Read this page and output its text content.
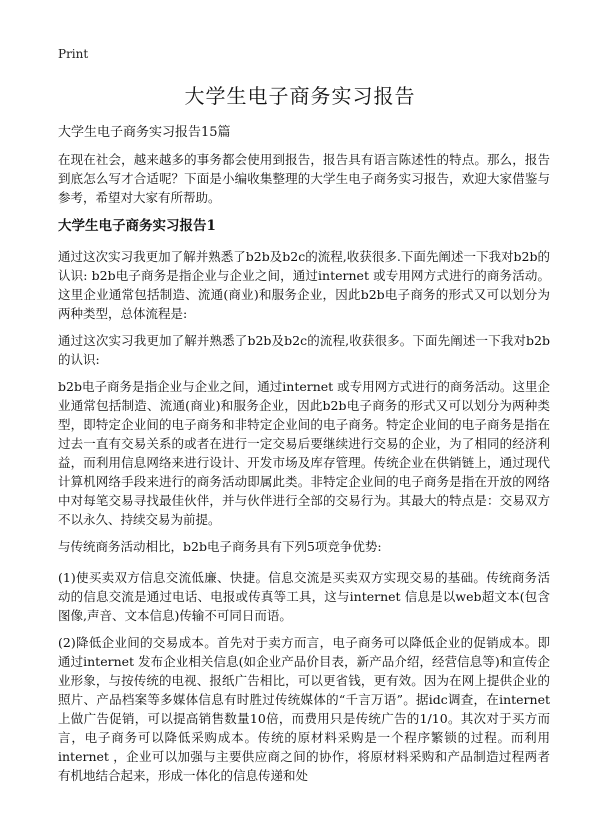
Print
大学生电子商务实习报告
大学生电子商务实习报告15篇

在现在社会，越来越多的事务都会使用到报告，报告具有语言陈述性的特点。那么，报告到底怎么写才合适呢？下面是小编收集整理的大学生电子商务实习报告，欢迎大家借鉴与参考，希望对大家有所帮助。

大学生电子商务实习报告1

通过这次实习我更加了解并熟悉了b2b及b2c的流程,收获很多.下面先阐述一下我对b2b的认识: b2b电子商务是指企业与企业之间，通过internet 或专用网方式进行的商务活动。这里企业通常包括制造、流通(商业)和服务企业，因此b2b电子商务的形式又可以划分为两种类型，总体流程是:

通过这次实习我更加了解并熟悉了b2b及b2c的流程,收获很多。下面先阐述一下我对b2b的认识:

b2b电子商务是指企业与企业之间，通过internet 或专用网方式进行的商务活动。这里企业通常包括制造、流通(商业)和服务企业，因此b2b电子商务的形式又可以划分为两种类型，即特定企业间的电子商务和非特定企业间的电子商务。特定企业间的电子商务是指在过去一直有交易关系的或者在进行一定交易后要继续进行交易的企业，为了相同的经济利益，而利用信息网络来进行设计、开发市场及库存管理。传统企业在供销链上，通过现代计算机网络手段来进行的商务活动即属此类。非特定企业间的电子商务是指在开放的网络中对每笔交易寻找最佳伙伴，并与伙伴进行全部的交易行为。其最大的特点是：交易双方不以永久、持续交易为前提。

与传统商务活动相比，b2b电子商务具有下列5项竞争优势:

(1)使买卖双方信息交流低廉、快捷。信息交流是买卖双方实现交易的基础。传统商务活动的信息交流是通过电话、电报或传真等工具，这与internet 信息是以web超文本(包含图像,声音、文本信息)传输不可同日而语。

(2)降低企业间的交易成本。首先对于卖方而言，电子商务可以降低企业的促销成本。即通过internet 发布企业相关信息(如企业产品价目表，新产品介绍，经营信息等)和宣传企业形象，与按传统的电视、报纸广告相比，可以更省钱，更有效。因为在网上提供企业的照片、产品档案等多媒体信息有时胜过传统媒体的“千言万语”。据idc调查，在internet 上做广告促销，可以提高销售数量10倍，而费用只是传统广告的1/10。其次对于买方而言，电子商务可以降低采购成本。传统的原材料采购是一个程序繁锁的过程。而利用internet ，企业可以加强与主要供应商之间的协作，将原材料采购和产品制造过程两者有机地结合起来，形成一体化的信息传递和处
